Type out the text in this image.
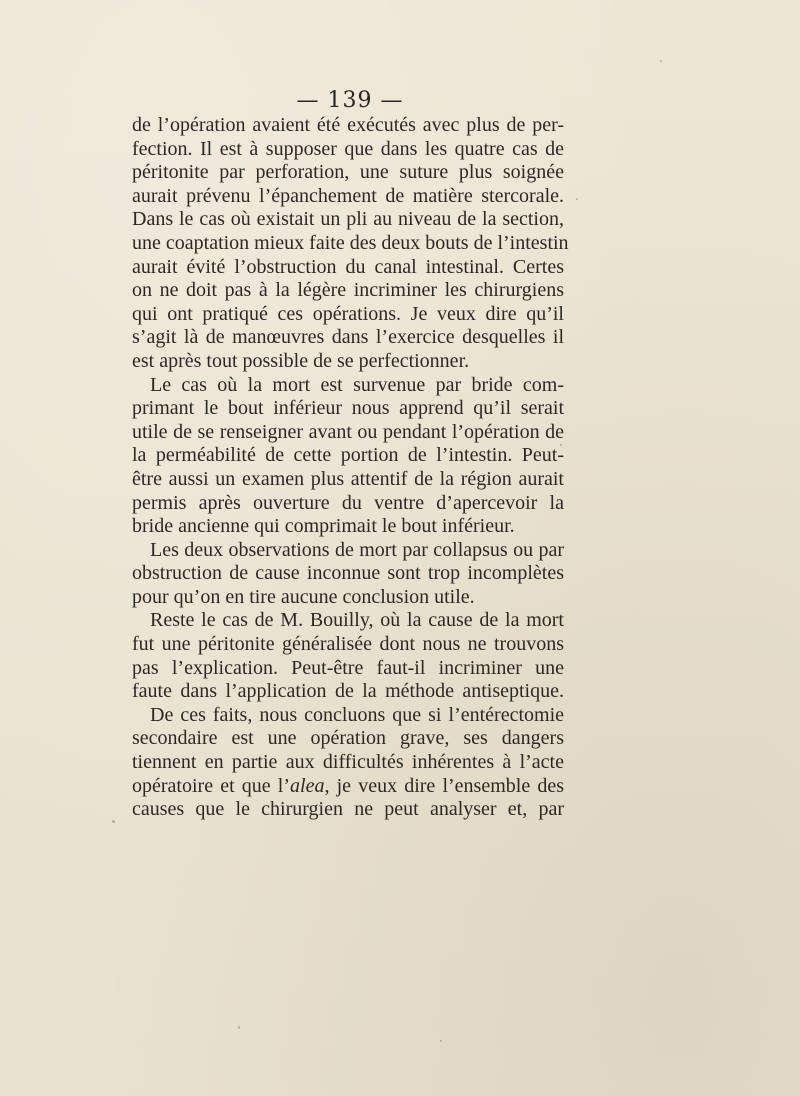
— 139 —
de l’opération avaient été exécutés avec plus de per-
fection. Il est à supposer que dans les quatre cas de
péritonite par perforation, une suture plus soignée
aurait prévenu l’épanchement de matière stercorale.
Dans le cas où existait un pli au niveau de la section,
une coaptation mieux faite des deux bouts de l’intestin
aurait évité l’obstruction du canal intestinal. Certes
on ne doit pas à la légère incriminer les chirurgiens
qui ont pratiqué ces opérations. Je veux dire qu’il
s’agit là de manœuvres dans l’exercice desquelles il
est après tout possible de se perfectionner.
Le cas où la mort est survenue par bride com-
primant le bout inférieur nous apprend qu’il serait
utile de se renseigner avant ou pendant l’opération de
la perméabilité de cette portion de l’intestin. Peut-
être aussi un examen plus attentif de la région aurait
permis après ouverture du ventre d’apercevoir la
bride ancienne qui comprimait le bout inférieur.
Les deux observations de mort par collapsus ou par
obstruction de cause inconnue sont trop incomplètes
pour qu’on en tire aucune conclusion utile.
Reste le cas de M. Bouilly, où la cause de la mort
fut une péritonite généralisée dont nous ne trouvons
pas l’explication. Peut-être faut-il incriminer une
faute dans l’application de la méthode antiseptique.
De ces faits, nous concluons que si l’entérectomie
secondaire est une opération grave, ses dangers
tiennent en partie aux difficultés inhérentes à l’acte
opératoire et que l’alea, je veux dire l’ensemble des
causes que le chirurgien ne peut analyser et, par
